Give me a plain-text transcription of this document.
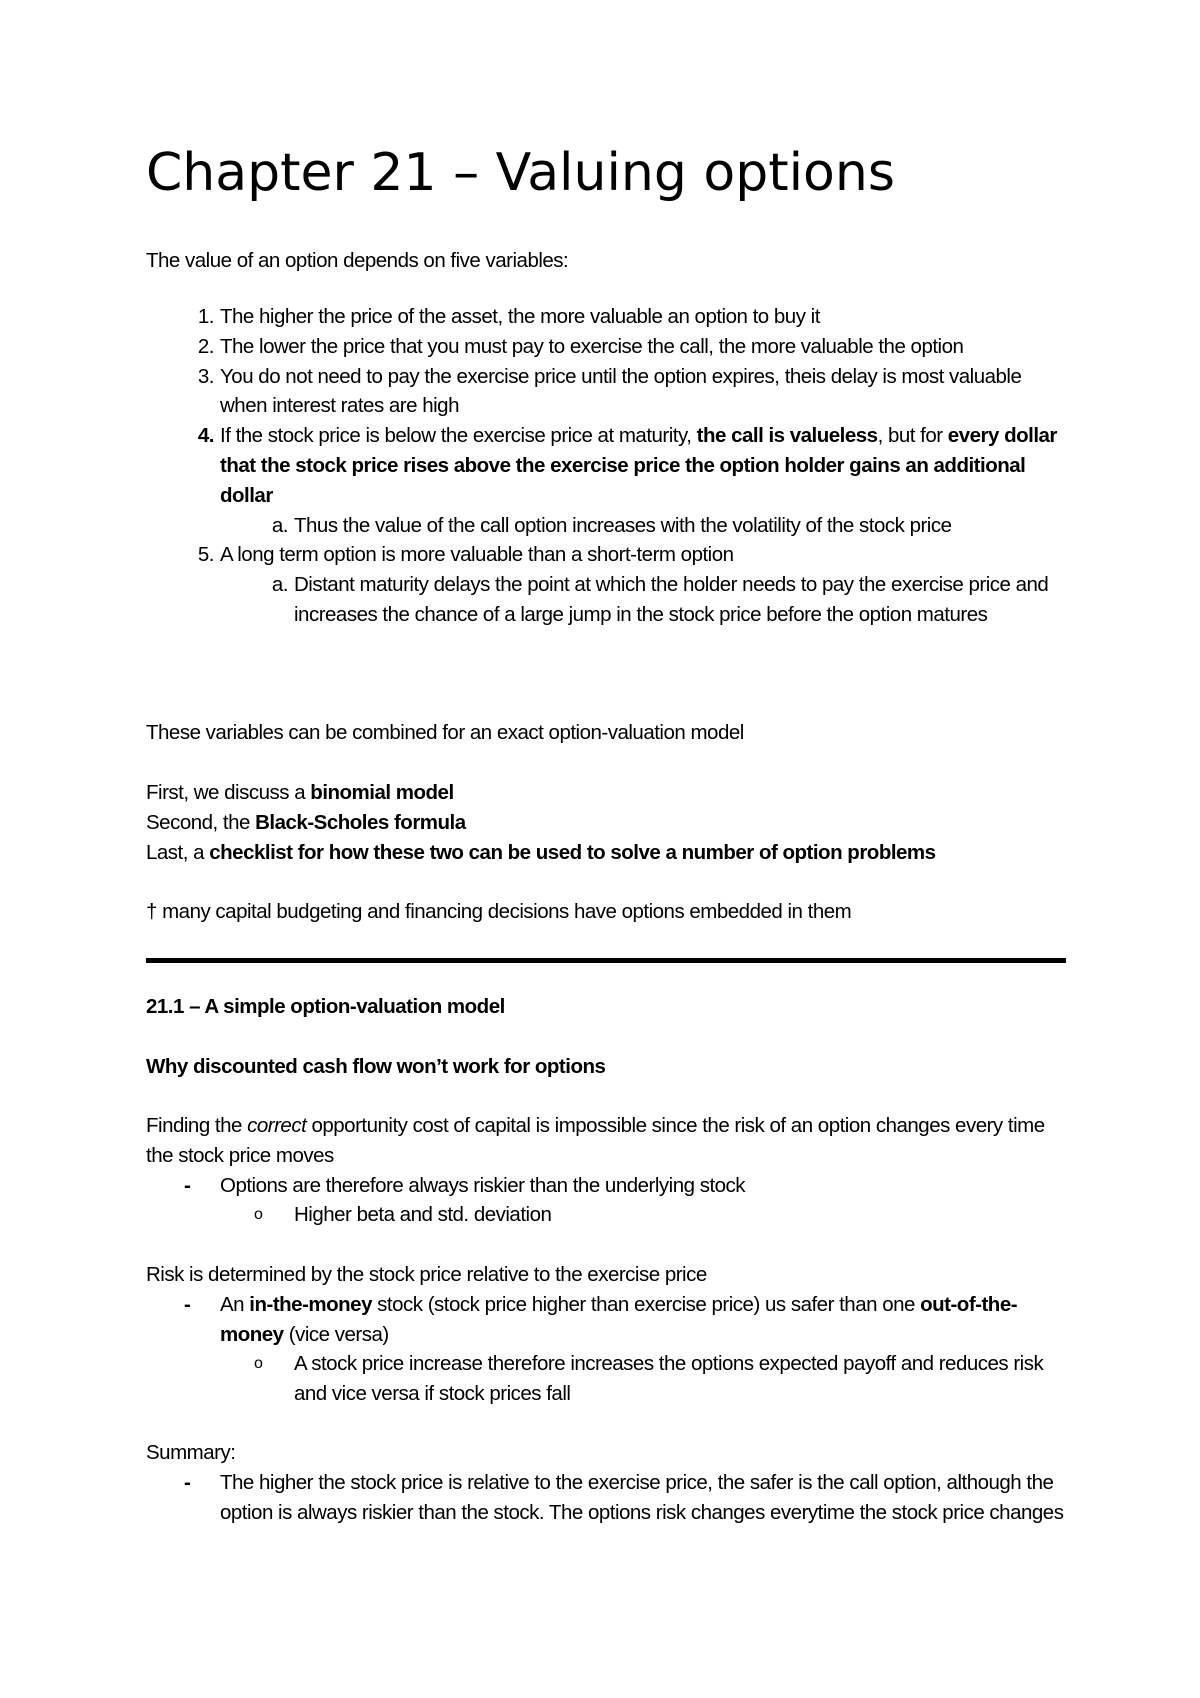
Chapter 21 – Valuing options

The value of an option depends on five variables:

1. The higher the price of the asset, the more valuable an option to buy it
2. The lower the price that you must pay to exercise the call, the more valuable the option
3. You do not need to pay the exercise price until the option expires, theis delay is most valuable when interest rates are high
4. If the stock price is below the exercise price at maturity, the call is valueless, but for every dollar that the stock price rises above the exercise price the option holder gains an additional dollar
a. Thus the value of the call option increases with the volatility of the stock price
5. A long term option is more valuable than a short-term option
a. Distant maturity delays the point at which the holder needs to pay the exercise price and increases the chance of a large jump in the stock price before the option matures

These variables can be combined for an exact option-valuation model

First, we discuss a binomial model

Second, the Black-Scholes formula

Last, a checklist for how these two can be used to solve a number of option problems

† many capital budgeting and financing decisions have options embedded in them

21.1 – A simple option-valuation model

Why discounted cash flow won’t work for options

Finding the correct opportunity cost of capital is impossible since the risk of an option changes every time the stock price moves

-	Options are therefore always riskier than the underlying stock
o	Higher beta and std. deviation

Risk is determined by the stock price relative to the exercise price

-	An in-the-money stock (stock price higher than exercise price) us safer than one out-of-the-money (vice versa)
o	A stock price increase therefore increases the options expected payoff and reduces risk and vice versa if stock prices fall

Summary:

-	The higher the stock price is relative to the exercise price, the safer is the call option, although the option is always riskier than the stock. The options risk changes everytime the stock price changes
